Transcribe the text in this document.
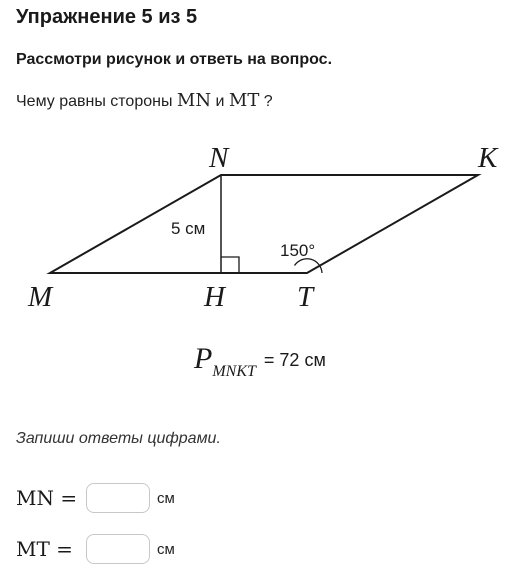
Упражнение 5 из 5
Рассмотри рисунок и ответь на вопрос.
Чему равны стороны MN и MT ?
N	K
M	H T
5 см
150°
PMNKT= 72 см
Запиши ответы цифрами.
MN =	см
MT =	см
